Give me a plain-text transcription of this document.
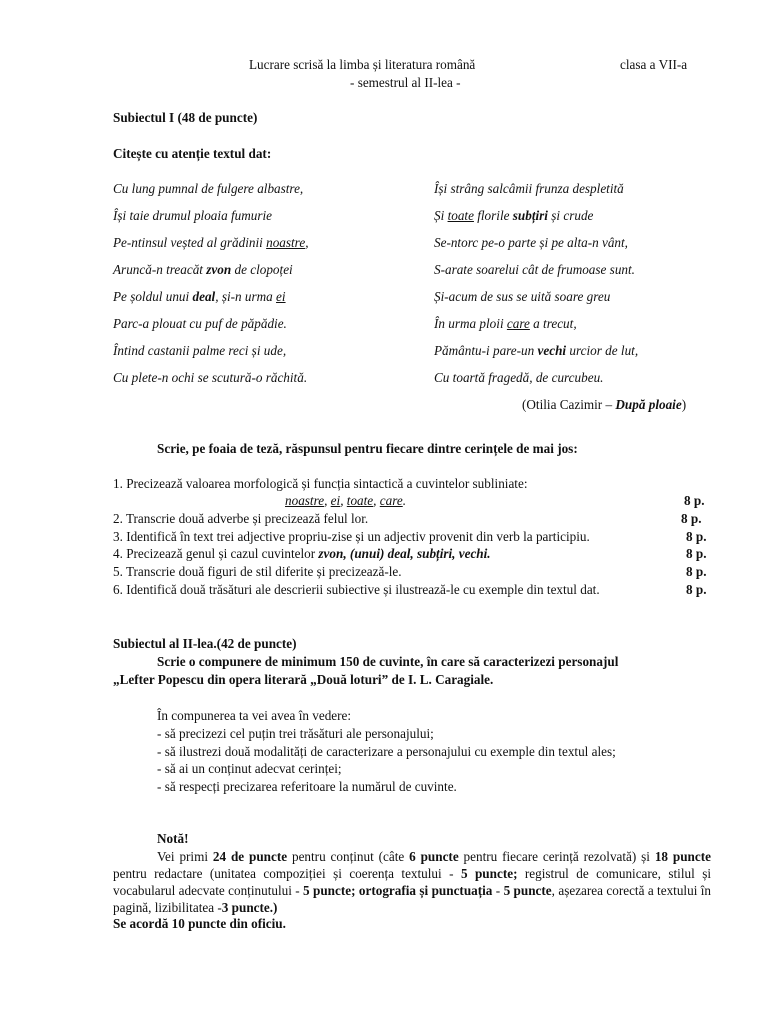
Lucrare scrisă la limba și literatura română	clasa a VII-a
- semestrul al II-lea -
Subiectul I (48 de puncte)
Citește cu atenție textul dat:
Cu lung pumnal de fulgere albastre,
Își taie drumul ploaia fumurie
Pe-ntinsul veșted al grădinii noastre,
Aruncă-n treacăt zvon de clopoței
Pe șoldul unui deal, și-n urma ei
Parc-a plouat cu puf de păpădie.
Întind castanii palme reci și ude,
Cu plete-n ochi se scutură-o răchită.
Își strâng salcâmii frunza despletită
Și toate florile subțiri și crude
Se-ntorc pe-o parte și pe alta-n vânt,
S-arate soarelui cât de frumoase sunt.
Și-acum de sus se uită soare greu
În urma ploii care a trecut,
Pământu-i pare-un vechi urcior de lut,
Cu toartă fragedă, de curcubeu.
(Otilia Cazimir – După ploaie)
Scrie, pe foaia de teză, răspunsul pentru fiecare dintre cerințele de mai jos:
1. Precizează valoarea morfologică și funcția sintactică a cuvintelor subliniate:
noastre, ei, toate, care.	8 p.
2. Transcrie două adverbe și precizează felul lor.	8 p.
3. Identifică în text trei adjective propriu-zise și un adjectiv provenit din verb la participiu.	8 p.
4. Precizează genul și cazul cuvintelor zvon, (unui) deal, subțiri, vechi.	8 p.
5. Transcrie două figuri de stil diferite și precizează-le.	8 p.
6. Identifică două trăsături ale descrierii subiective și ilustrează-le cu exemple din textul dat.	8 p.
Subiectul al II-lea.(42 de puncte)
Scrie o compunere de minimum 150 de cuvinte, în care să caracterizezi personajul
„Lefter Popescu din opera literară „Două loturi” de I. L. Caragiale.
În compunerea ta vei avea în vedere:
- să precizezi cel puțin trei trăsături ale personajului;
- să ilustrezi două modalități de caracterizare a personajului cu exemple din textul ales;
- să ai un conținut adecvat cerinței;
- să respecți precizarea referitoare la numărul de cuvinte.
Notă!
Vei primi 24 de puncte pentru conținut (câte 6 puncte pentru fiecare cerință rezolvată) și 18 puncte pentru redactare (unitatea compoziției și coerența textului - 5 puncte; registrul de comunicare, stilul și vocabularul adecvate conținutului - 5 puncte; ortografia și punctuația - 5 puncte, așezarea corectă a textului în pagină, lizibilitatea -3 puncte.)
Se acordă 10 puncte din oficiu.
